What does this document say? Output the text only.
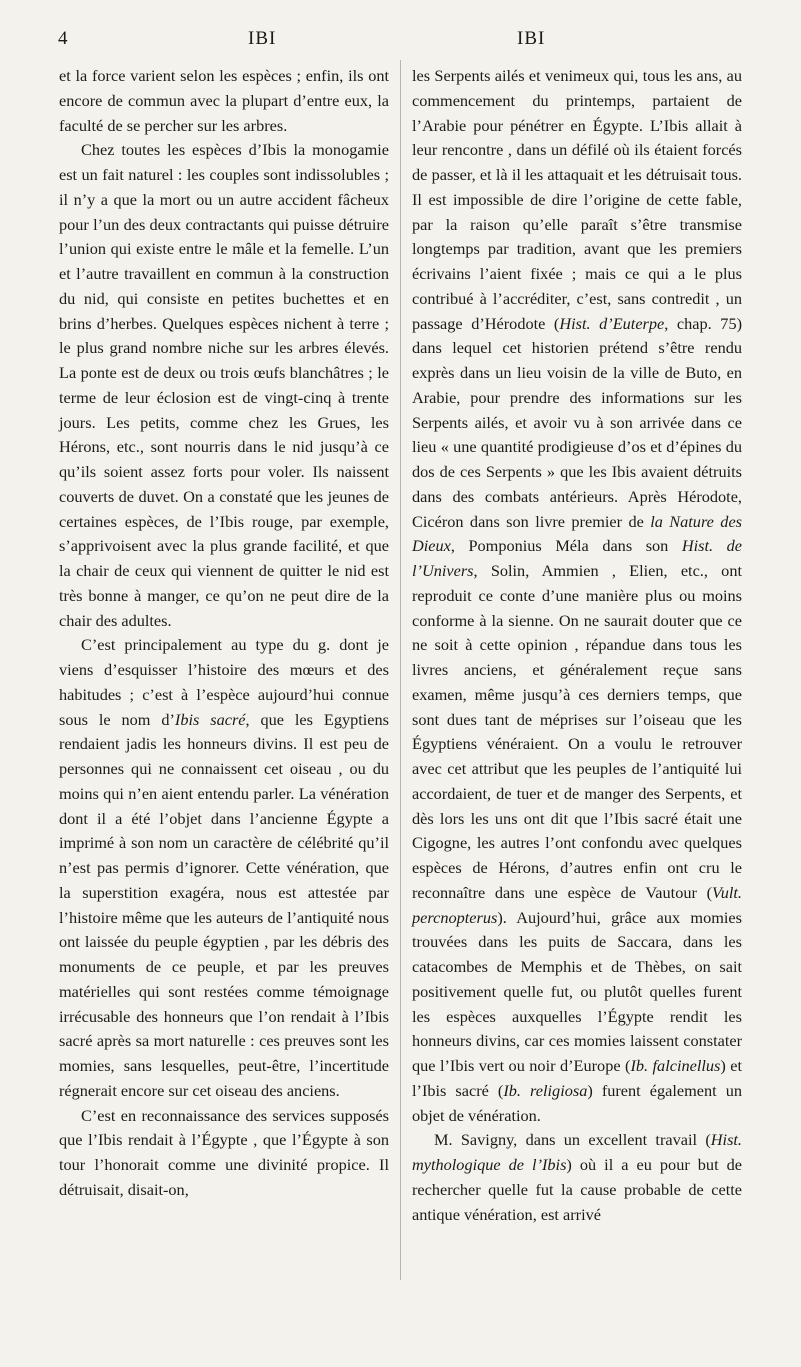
4	IBI	IBI

et la force varient selon les espèces ; enfin, ils ont encore de commun avec la plupart d’entre eux, la faculté de se percher sur les arbres.

Chez toutes les espèces d’Ibis la monogamie est un fait naturel : les couples sont indissolubles ; il n’y a que la mort ou un autre accident fâcheux pour l’un des deux contractants qui puisse détruire l’union qui existe entre le mâle et la femelle. L’un et l’autre travaillent en commun à la construction du nid, qui consiste en petites buchettes et en brins d’herbes. Quelques espèces nichent à terre ; le plus grand nombre niche sur les arbres élevés. La ponte est de deux ou trois œufs blanchâtres ; le terme de leur éclosion est de vingt-cinq à trente jours. Les petits, comme chez les Grues, les Hérons, etc., sont nourris dans le nid jusqu’à ce qu’ils soient assez forts pour voler. Ils naissent couverts de duvet. On a constaté que les jeunes de certaines espèces, de l’Ibis rouge, par exemple, s’apprivoisent avec la plus grande facilité, et que la chair de ceux qui viennent de quitter le nid est très bonne à manger, ce qu’on ne peut dire de la chair des adultes.

C’est principalement au type du g. dont je viens d’esquisser l’histoire des mœurs et des habitudes ; c’est à l’espèce aujourd’hui connue sous le nom d’Ibis sacré, que les Egyptiens rendaient jadis les honneurs divins. Il est peu de personnes qui ne connaissent cet oiseau , ou du moins qui n’en aient entendu parler. La vénération dont il a été l’objet dans l’ancienne Égypte a imprimé à son nom un caractère de célébrité qu’il n’est pas permis d’ignorer. Cette vénération, que la superstition exagéra, nous est attestée par l’histoire même que les auteurs de l’antiquité nous ont laissée du peuple égyptien , par les débris des monuments de ce peuple, et par les preuves matérielles qui sont restées comme témoignage irrécusable des honneurs que l’on rendait à l’Ibis sacré après sa mort naturelle : ces preuves sont les momies, sans lesquelles, peut-être, l’incertitude régnerait encore sur cet oiseau des anciens.

C’est en reconnaissance des services supposés que l’Ibis rendait à l’Égypte , que l’Égypte à son tour l’honorait comme une divinité propice. Il détruisait, disait-on,

les Serpents ailés et venimeux qui, tous les ans, au commencement du printemps, partaient de l’Arabie pour pénétrer en Égypte. L’Ibis allait à leur rencontre , dans un défilé où ils étaient forcés de passer, et là il les attaquait et les détruisait tous. Il est impossible de dire l’origine de cette fable, par la raison qu’elle paraît s’être transmise longtemps par tradition, avant que les premiers écrivains l’aient fixée ; mais ce qui a le plus contribué à l’accréditer, c’est, sans contredit , un passage d’Hérodote (Hist. d’Euterpe, chap. 75) dans lequel cet historien prétend s’être rendu exprès dans un lieu voisin de la ville de Buto, en Arabie, pour prendre des informations sur les Serpents ailés, et avoir vu à son arrivée dans ce lieu « une quantité prodigieuse d’os et d’épines du dos de ces Serpents » que les Ibis avaient détruits dans des combats antérieurs. Après Hérodote, Cicéron dans son livre premier de la Nature des Dieux, Pomponius Méla dans son Hist. de l’Univers, Solin, Ammien , Elien, etc., ont reproduit ce conte d’une manière plus ou moins conforme à la sienne. On ne saurait douter que ce ne soit à cette opinion , répandue dans tous les livres anciens, et généralement reçue sans examen, même jusqu’à ces derniers temps, que sont dues tant de méprises sur l’oiseau que les Égyptiens vénéraient. On a voulu le retrouver avec cet attribut que les peuples de l’antiquité lui accordaient, de tuer et de manger des Serpents, et dès lors les uns ont dit que l’Ibis sacré était une Cigogne, les autres l’ont confondu avec quelques espèces de Hérons, d’autres enfin ont cru le reconnaître dans une espèce de Vautour (Vult. percnopterus). Aujourd’hui, grâce aux momies trouvées dans les puits de Saccara, dans les catacombes de Memphis et de Thèbes, on sait positivement quelle fut, ou plutôt quelles furent les espèces auxquelles l’Égypte rendit les honneurs divins, car ces momies laissent constater que l’Ibis vert ou noir d’Europe (Ib. falcinellus) et l’Ibis sacré (Ib. religiosa) furent également un objet de vénération.

M. Savigny, dans un excellent travail (Hist. mythologique de l’Ibis) où il a eu pour but de rechercher quelle fut la cause probable de cette antique vénération, est arrivé
